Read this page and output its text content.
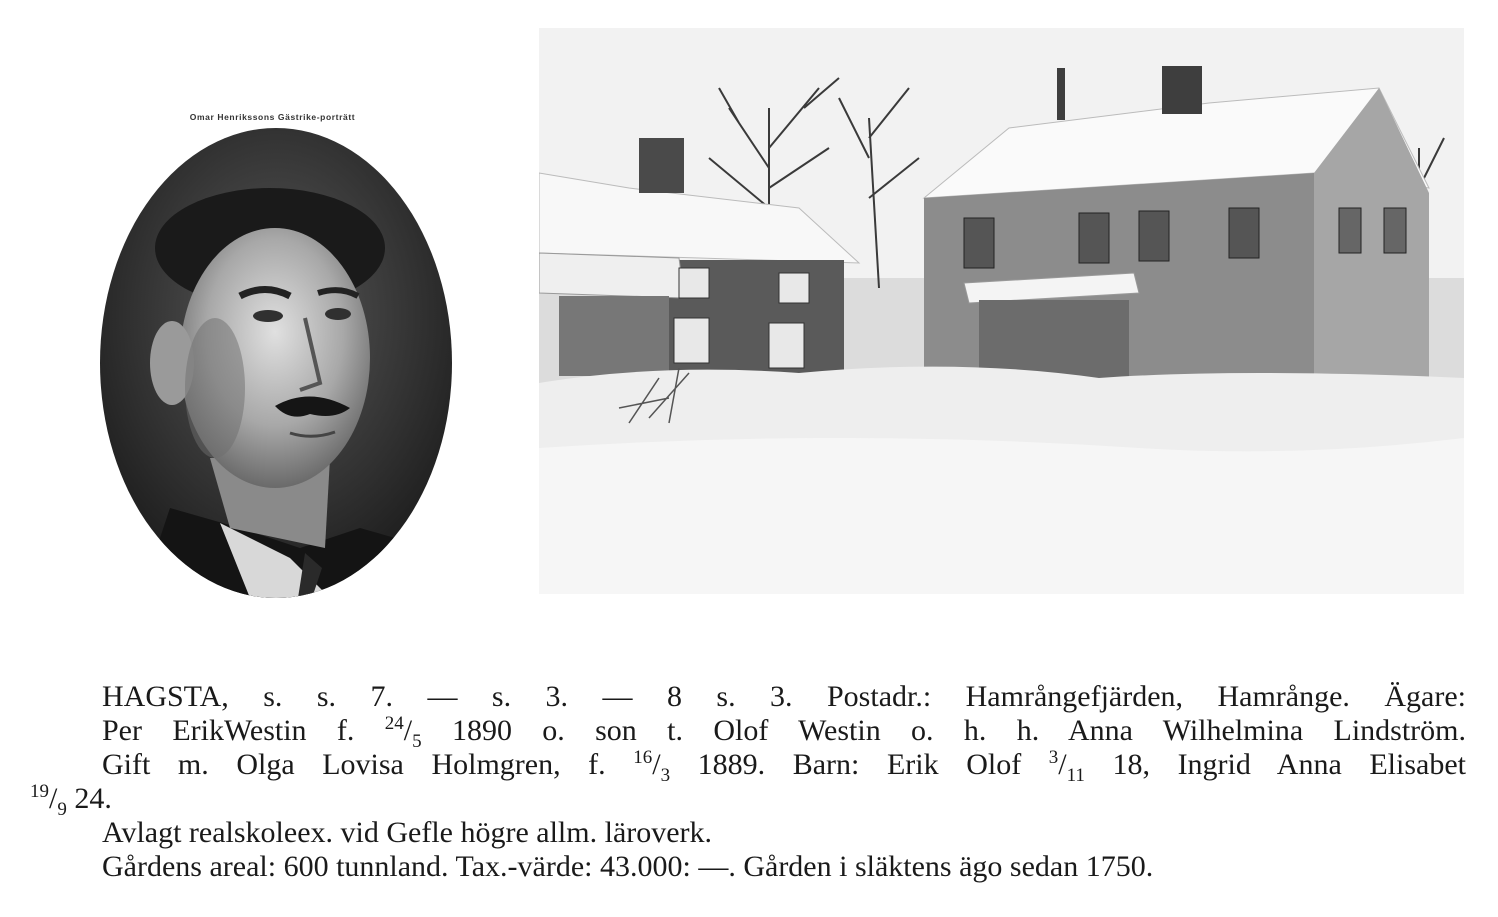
Omar Henrikssons Gästrike-porträtt

HAGSTA, s. s. 7. — s. 3. — 8 s. 3. Postadr.: Hamrångefjärden, Hamrånge. Ägare:
Per ErikWestin f. $^{24}/_5$ 1890 o. son t. Olof Westin o. h. h. Anna Wilhelmina Lindström.
Gift m. Olga Lovisa Holmgren, f. $^{16}/_3$ 1889. Barn: Erik Olof $^3/_{11}$ 18, Ingrid Anna Elisabet

$^{19}/_9$ 24.

Avlagt realskoleex. vid Gefle högre allm. läroverk.

Gårdens areal: 600 tunnland. Tax.-värde: 43.000: —. Gården i släktens ägo sedan 1750.
